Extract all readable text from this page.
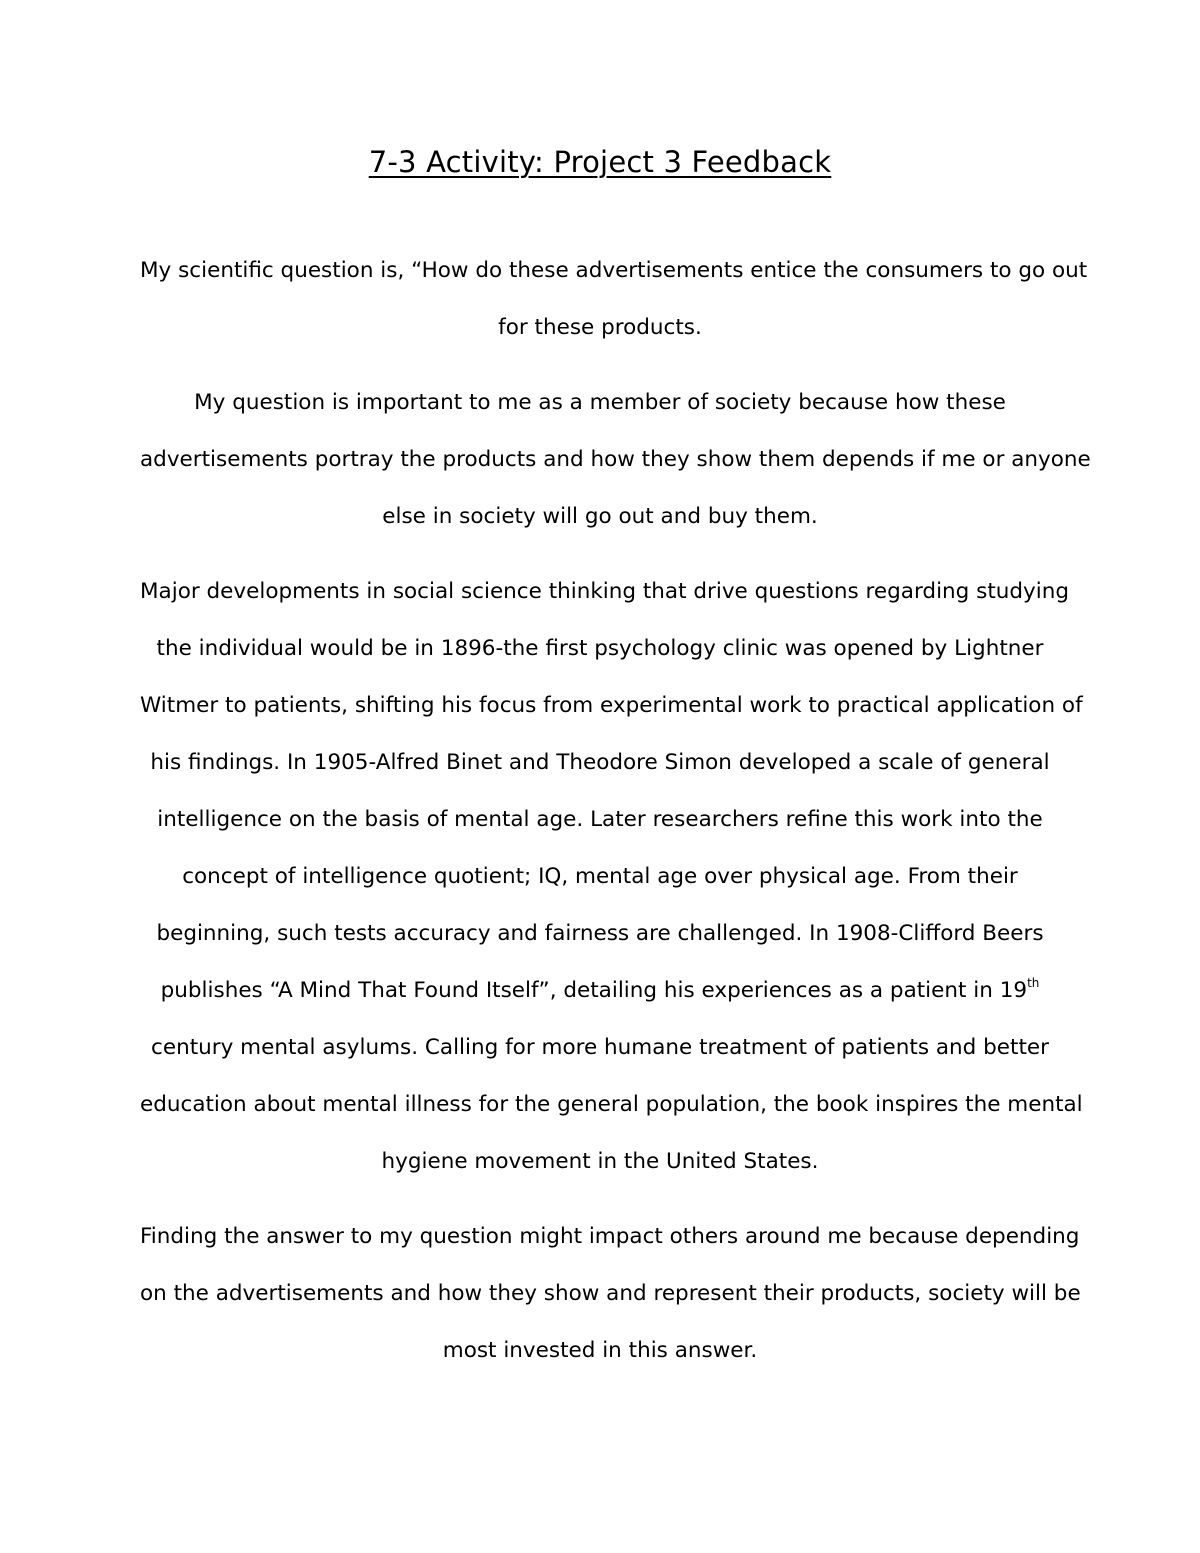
7-3 Activity: Project 3 Feedback

My scientific question is, “How do these advertisements entice the consumers to go out
for these products.

My question is important to me as a member of society because how these
advertisements portray the products and how they show them depends if me or anyone
else in society will go out and buy them.

Major developments in social science thinking that drive questions regarding studying
the individual would be in 1896-the first psychology clinic was opened by Lightner
Witmer to patients, shifting his focus from experimental work to practical application of
his findings. In 1905-Alfred Binet and Theodore Simon developed a scale of general
intelligence on the basis of mental age. Later researchers refine this work into the
concept of intelligence quotient; IQ, mental age over physical age. From their
beginning, such tests accuracy and fairness are challenged. In 1908-Clifford Beers
publishes “A Mind That Found Itself”, detailing his experiences as a patient in 19th
century mental asylums. Calling for more humane treatment of patients and better
education about mental illness for the general population, the book inspires the mental
hygiene movement in the United States.

Finding the answer to my question might impact others around me because depending
on the advertisements and how they show and represent their products, society will be
most invested in this answer.
